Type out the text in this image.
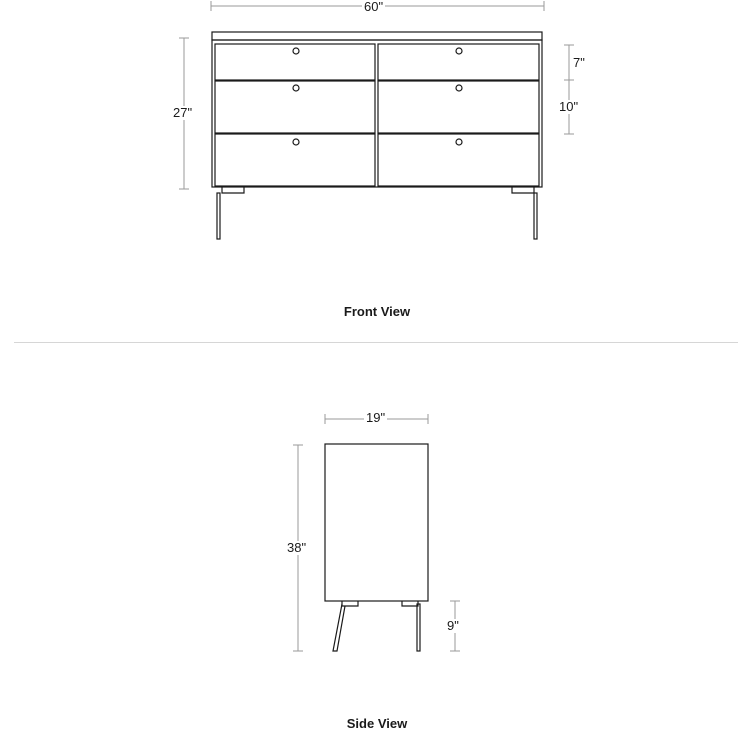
60"
27"
7"
10"
Front View
19"
38"
9"
Side View
